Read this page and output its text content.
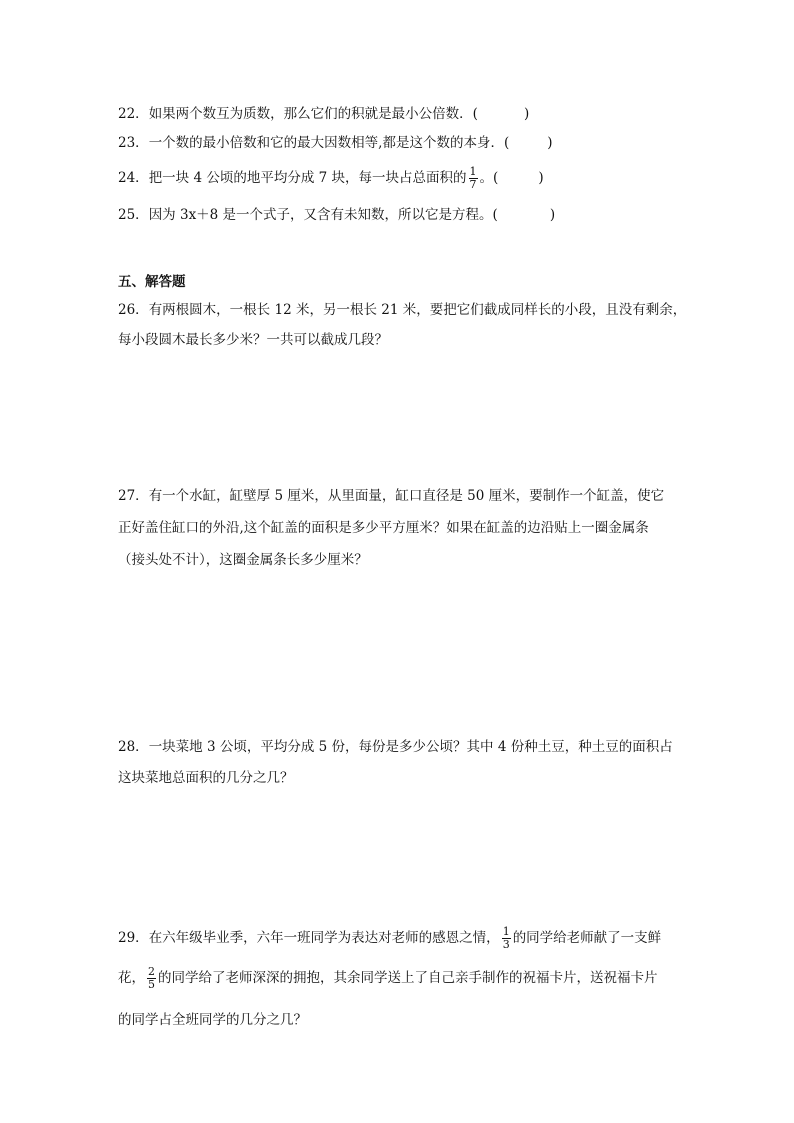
22．如果两个数互为质数，那么它们的积就是最小公倍数．(	)
23．一个数的最小倍数和它的最大因数相等,都是这个数的本身．(	)
24．把一块 4 公顷的地平均分成 7 块，每一块占总面积的 $\frac{1}{7}$ 。(	)
25．因为 3x＋8 是一个式子，又含有未知数，所以它是方程。(	)
五、解答题
26．有两根圆木，一根长 12 米，另一根长 21 米，要把它们截成同样长的小段，且没有剩余，
每小段圆木最长多少米？一共可以截成几段？
27．有一个水缸，缸壁厚 5 厘米，从里面量，缸口直径是 50 厘米，要制作一个缸盖，使它
正好盖住缸口的外沿,这个缸盖的面积是多少平方厘米？如果在缸盖的边沿贴上一圈金属条
（接头处不计），这圈金属条长多少厘米？
28．一块菜地 3 公顷，平均分成 5 份，每份是多少公顷？其中 4 份种土豆，种土豆的面积占
这块菜地总面积的几分之几？
29．在六年级毕业季，六年一班同学为表达对老师的感恩之情， $\frac{1}{3}$ 的同学给老师献了一支鲜
花， $\frac{2}{5}$ 的同学给了老师深深的拥抱，其余同学送上了自己亲手制作的祝福卡片，送祝福卡片
的同学占全班同学的几分之几？
